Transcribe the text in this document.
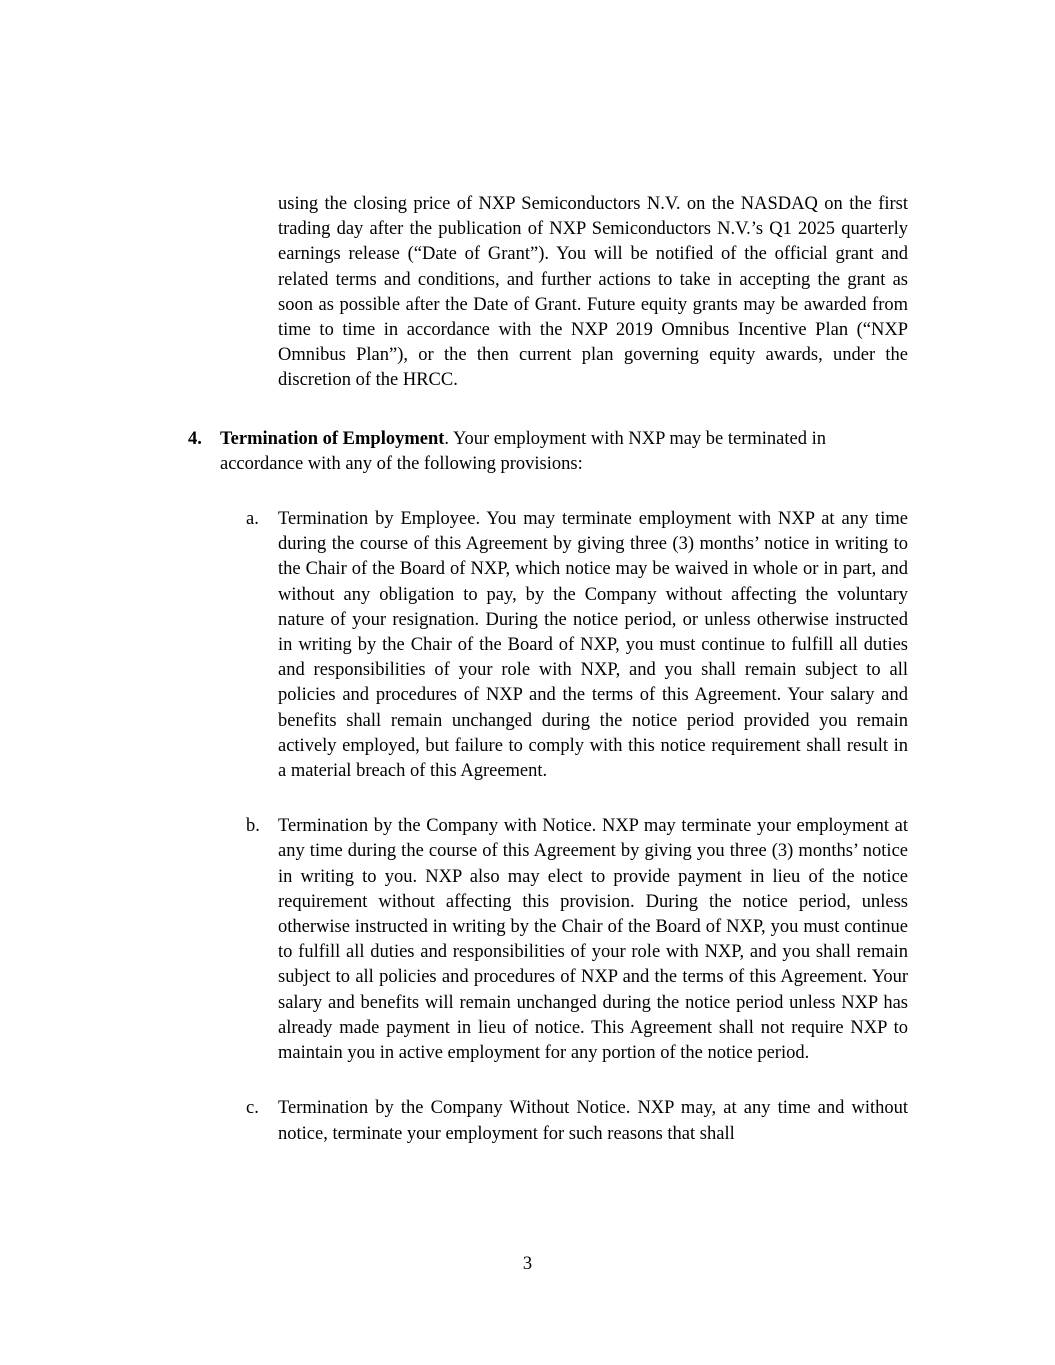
using the closing price of NXP Semiconductors N.V. on the NASDAQ on the first trading day after the publication of NXP Semiconductors N.V.’s Q1 2025 quarterly earnings release (“Date of Grant”). You will be notified of the official grant and related terms and conditions, and further actions to take in accepting the grant as soon as possible after the Date of Grant. Future equity grants may be awarded from time to time in accordance with the NXP 2019 Omnibus Incentive Plan (“NXP Omnibus Plan”), or the then current plan governing equity awards, under the discretion of the HRCC.

4. Termination of Employment. Your employment with NXP may be terminated in accordance with any of the following provisions:
a.	Termination by Employee. You may terminate employment with NXP at any time during the course of this Agreement by giving three (3) months’ notice in writing to the Chair of the Board of NXP, which notice may be waived in whole or in part, and without any obligation to pay, by the Company without affecting the voluntary nature of your resignation. During the notice period, or unless otherwise instructed in writing by the Chair of the Board of NXP, you must continue to fulfill all duties and responsibilities of your role with NXP, and you shall remain subject to all policies and procedures of NXP and the terms of this Agreement. Your salary and benefits shall remain unchanged during the notice period provided you remain actively employed, but failure to comply with this notice requirement shall result in a material breach of this Agreement.
b. Termination by the Company with Notice. NXP may terminate your employment at any time during the course of this Agreement by giving you three (3) months’ notice in writing to you. NXP also may elect to provide payment in lieu of the notice requirement without affecting this provision. During the notice period, unless otherwise instructed in writing by the Chair of the Board of NXP, you must continue to fulfill all duties and responsibilities of your role with NXP, and you shall remain subject to all policies and procedures of NXP and the terms of this Agreement. Your salary and benefits will remain unchanged during the notice period unless NXP has already made payment in lieu of notice. This Agreement shall not require NXP to maintain you in active employment for any portion of the notice period.
c.	Termination by the Company Without Notice. NXP may, at any time and without notice, terminate your employment for such reasons that shall
3
